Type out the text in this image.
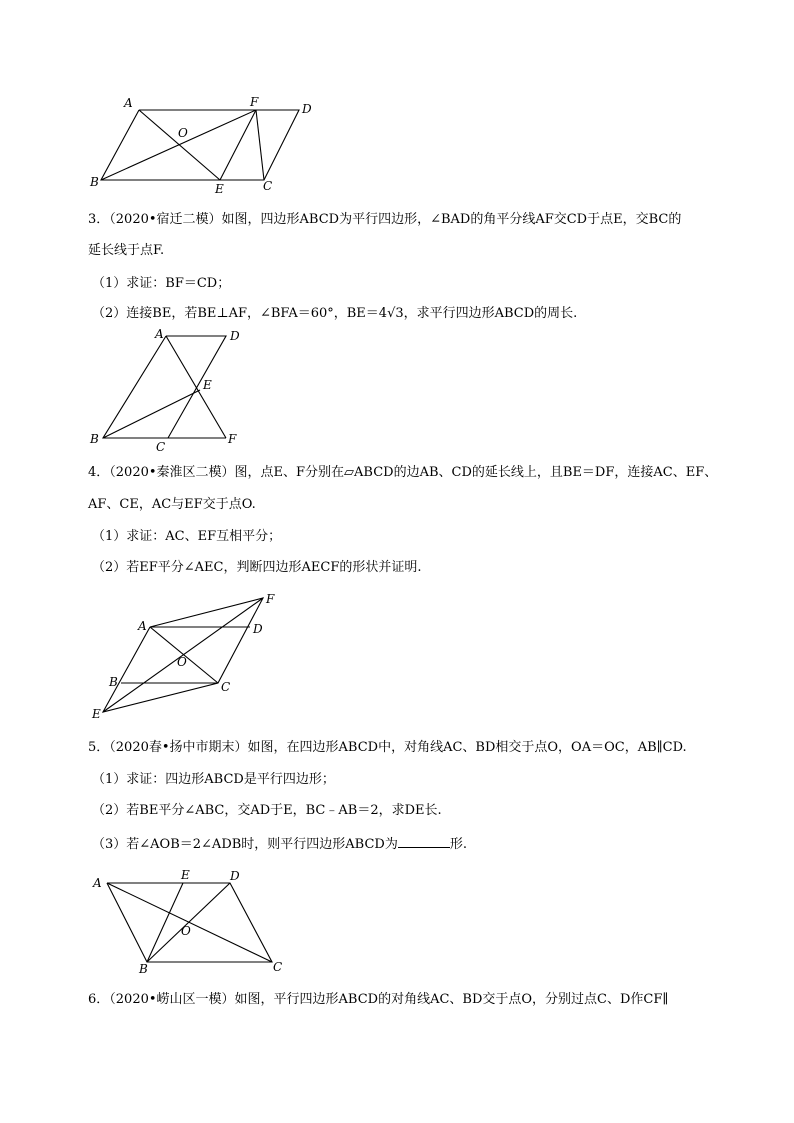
A	F	D
O
B	E	C
3．（2020•宿迁二模）如图，四边形ABCD为平行四边形，∠BAD的角平分线AF交CD于点E，交BC的
延长线于点F.
（1）求证：BF＝CD；
（2）连接BE，若BE⊥AF，∠BFA＝60°，BE＝4√3，求平行四边形ABCD的周长.
A	D
E
B
C
F
4．（2020•秦淮区二模）图，点E、F分别在▱ABCD的边AB、CD的延长线上，且BE＝DF，连接AC、EF、
AF、CE，AC与EF交于点O.
（1）求证：AC、EF互相平分；
（2）若EF平分∠AEC，判断四边形AECF的形状并证明.
F
A	D
O
B	C
E
5．（2020春•扬中市期末）如图，在四边形ABCD中，对角线AC、BD相交于点O，OA＝OC，AB∥CD.
（1）求证：四边形ABCD是平行四边形；
（2）若BE平分∠ABC，交AD于E，BC﹣AB＝2，求DE长.
（3）若∠AOB＝2∠ADB时，则平行四边形ABCD为	形.
A
E	D
O
B	C
6．（2020•崂山区一模）如图，平行四边形ABCD的对角线AC、BD交于点O，分别过点C、D作CF∥
